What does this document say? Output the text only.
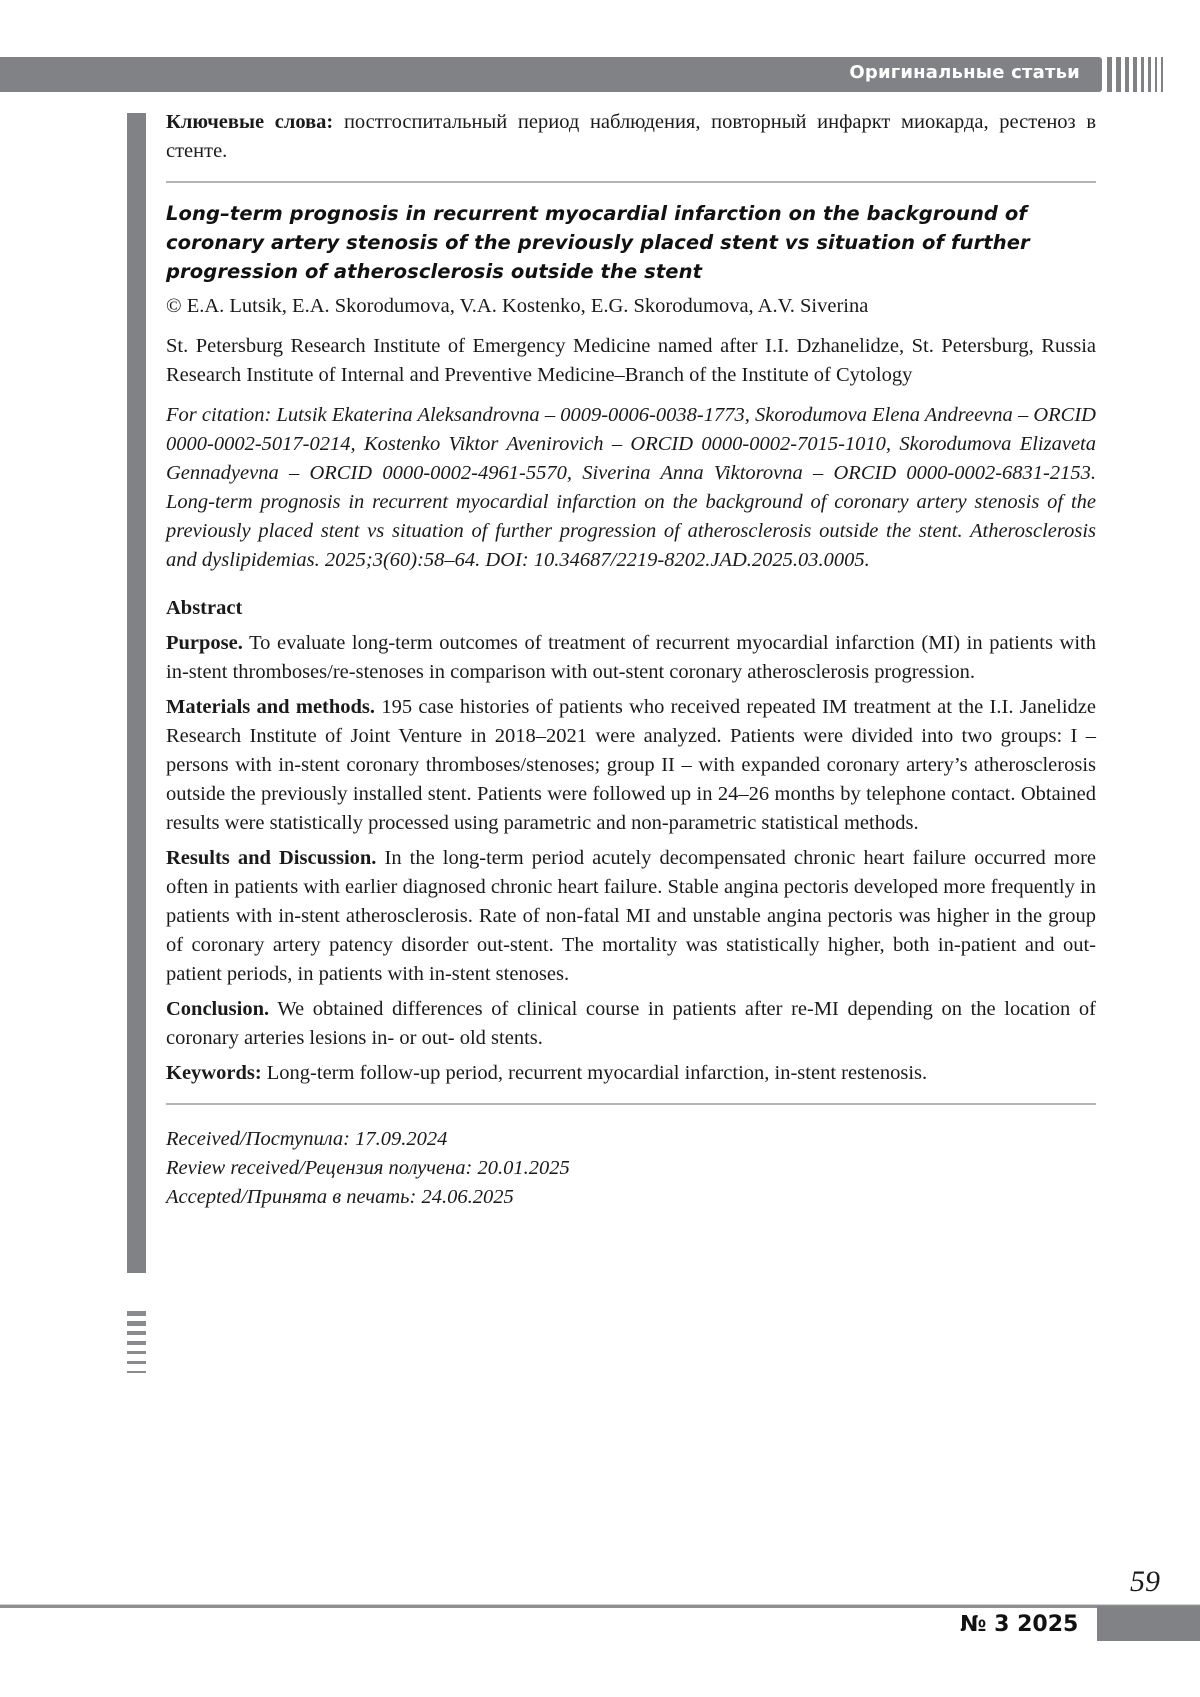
Оригинальные статьи

Ключевые слова: постгоспитальный период наблюдения, повторный инфаркт миокарда, рестеноз в стенте.

Long–term prognosis in recurrent myocardial infarction on the background of coronary artery stenosis of the previously placed stent vs situation of further progression of atherosclerosis outside the stent

© E.A. Lutsik, E.A. Skorodumova, V.A. Kostenko, E.G. Skorodumova, A.V. Siverina

St. Petersburg Research Institute of Emergency Medicine named after I.I. Dzhanelidze, St. Petersburg, Russia Research Institute of Internal and Preventive Medicine–Branch of the Institute of Cytology

For citation: Lutsik Ekaterina Aleksandrovna – 0009-0006-0038-1773, Skorodumova Elena Andreevna – ORCID 0000-0002-5017-0214, Kostenko Viktor Avenirovich – ORCID 0000-0002-7015-1010, Skorodumova Elizaveta Gennadyevna – ORCID 0000-0002-4961-5570, Siverina Anna Viktorovna – ORCID 0000-0002-6831-2153. Long-term prognosis in recurrent myocardial infarction on the background of coronary artery stenosis of the previously placed stent vs situation of further progression of atherosclerosis outside the stent. Atherosclerosis and dyslipidemias. 2025;3(60):58–64. DOI: 10.34687/2219-8202.JAD.2025.03.0005.

Abstract

Purpose. To evaluate long-term outcomes of treatment of recurrent myocardial infarction (MI) in patients with in-stent thromboses/re-stenoses in comparison with out-stent coronary atherosclerosis progression.

Materials and methods. 195 case histories of patients who received repeated IM treatment at the I.I. Janelidze Research Institute of Joint Venture in 2018–2021 were analyzed. Patients were divided into two groups: I – persons with in-stent coronary thromboses/stenoses; group II – with expanded coronary artery’s atherosclerosis outside the previously installed stent. Patients were followed up in 24–26 months by telephone contact. Obtained results were statistically processed using parametric and non-parametric statistical methods.

Results and Discussion. In the long-term period acutely decompensated chronic heart failure occurred more often in patients with earlier diagnosed chronic heart failure. Stable angina pectoris developed more frequently in patients with in-stent atherosclerosis. Rate of non-fatal MI and unstable angina pectoris was higher in the group of coronary artery patency disorder out-stent. The mortality was statistically higher, both in-patient and out-patient periods, in patients with in-stent stenoses.

Conclusion. We obtained differences of clinical course in patients after re-MI depending on the location of coronary arteries lesions in- or out- old stents.

Keywords: Long-term follow-up period, recurrent myocardial infarction, in-stent restenosis.

Received/Поступила: 17.09.2024
Review received/Рецензия получена: 20.01.2025
Accepted/Принята в печать: 24.06.2025
59
№ 3 2025
